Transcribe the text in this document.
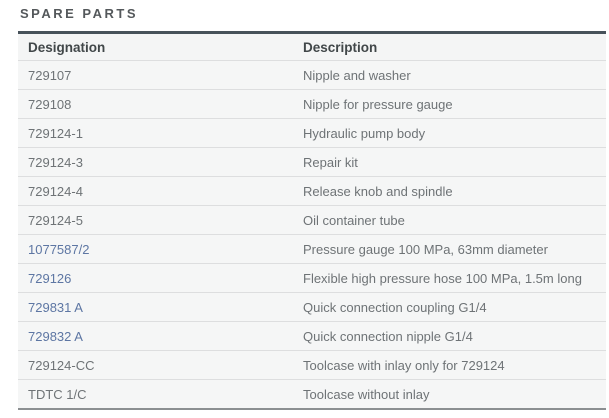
SPARE PARTS
Designation	Description
729107	Nipple and washer
729108	Nipple for pressure gauge
729124-1	Hydraulic pump body
729124-3	Repair kit
729124-4	Release knob and spindle
729124-5	Oil container tube
1077587/2	Pressure gauge 100 MPa, 63mm diameter
729126	Flexible high pressure hose 100 MPa, 1.5m long
729831 A	Quick connection coupling G1/4
729832 A	Quick connection nipple G1/4
729124-CC	Toolcase with inlay only for 729124
TDTC 1/C	Toolcase without inlay
